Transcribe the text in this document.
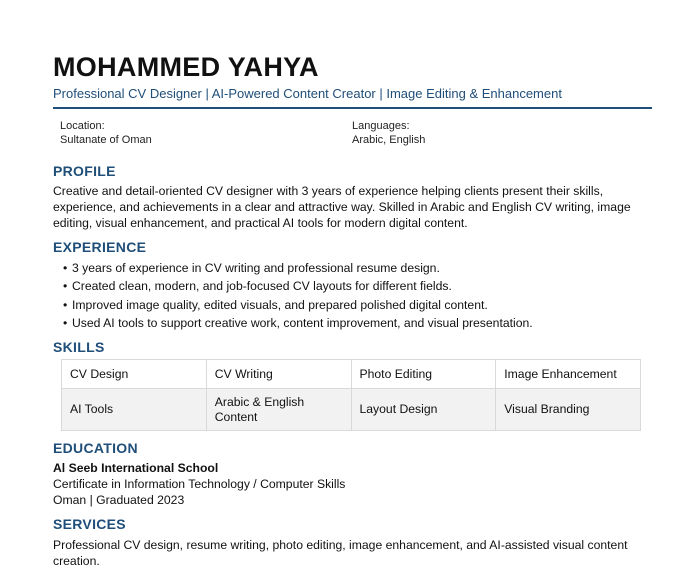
MOHAMMED YAHYA
Professional CV Designer | AI-Powered Content Creator | Image Editing & Enhancement
Location:
Sultanate of Oman
Languages:
Arabic, English
PROFILE

Creative and detail-oriented CV designer with 3 years of experience helping clients present their skills, experience, and achievements in a clear and attractive way. Skilled in Arabic and English CV writing, image editing, visual enhancement, and practical AI tools for modern digital content.

EXPERIENCE
• 3 years of experience in CV writing and professional resume design.
• Created clean, modern, and job-focused CV layouts for different fields.
• Improved image quality, edited visuals, and prepared polished digital content.
• Used AI tools to support creative work, content improvement, and visual presentation.
SKILLS
CV Design	CV Writing	Photo Editing	Image Enhancement
AI Tools	Arabic & English Content	Layout Design	Visual Branding
EDUCATION
Al Seeb International School
Certificate in Information Technology / Computer Skills
Oman | Graduated 2023
SERVICES

Professional CV design, resume writing, photo editing, image enhancement, and AI-assisted visual content creation.
